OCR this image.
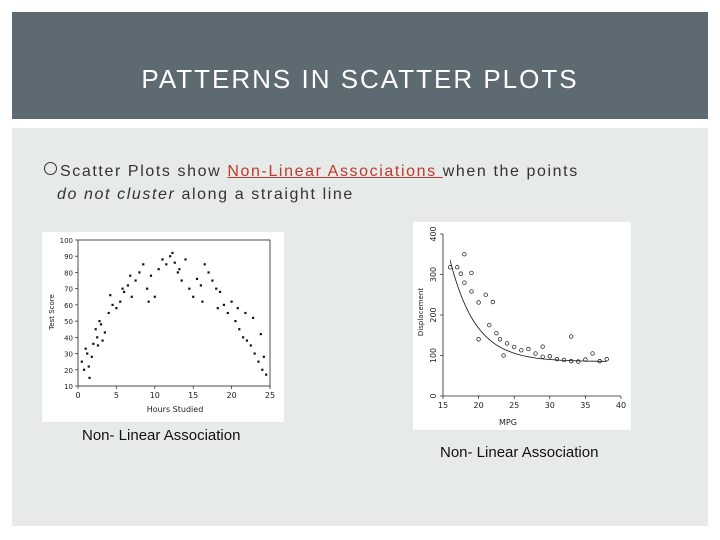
PATTERNS IN SCATTER PLOTS
Scatter Plots show Non-Linear Associations when the points
do not cluster along a straight line
0	5	10	15	20	25
10
20
30
40
50
60
70
80
90
100
Hours Studied
Test Score
15	20	25	30	35	40
0
100
200
300
400
MPG
Displacement
Non- Linear Association
Non- Linear Association
